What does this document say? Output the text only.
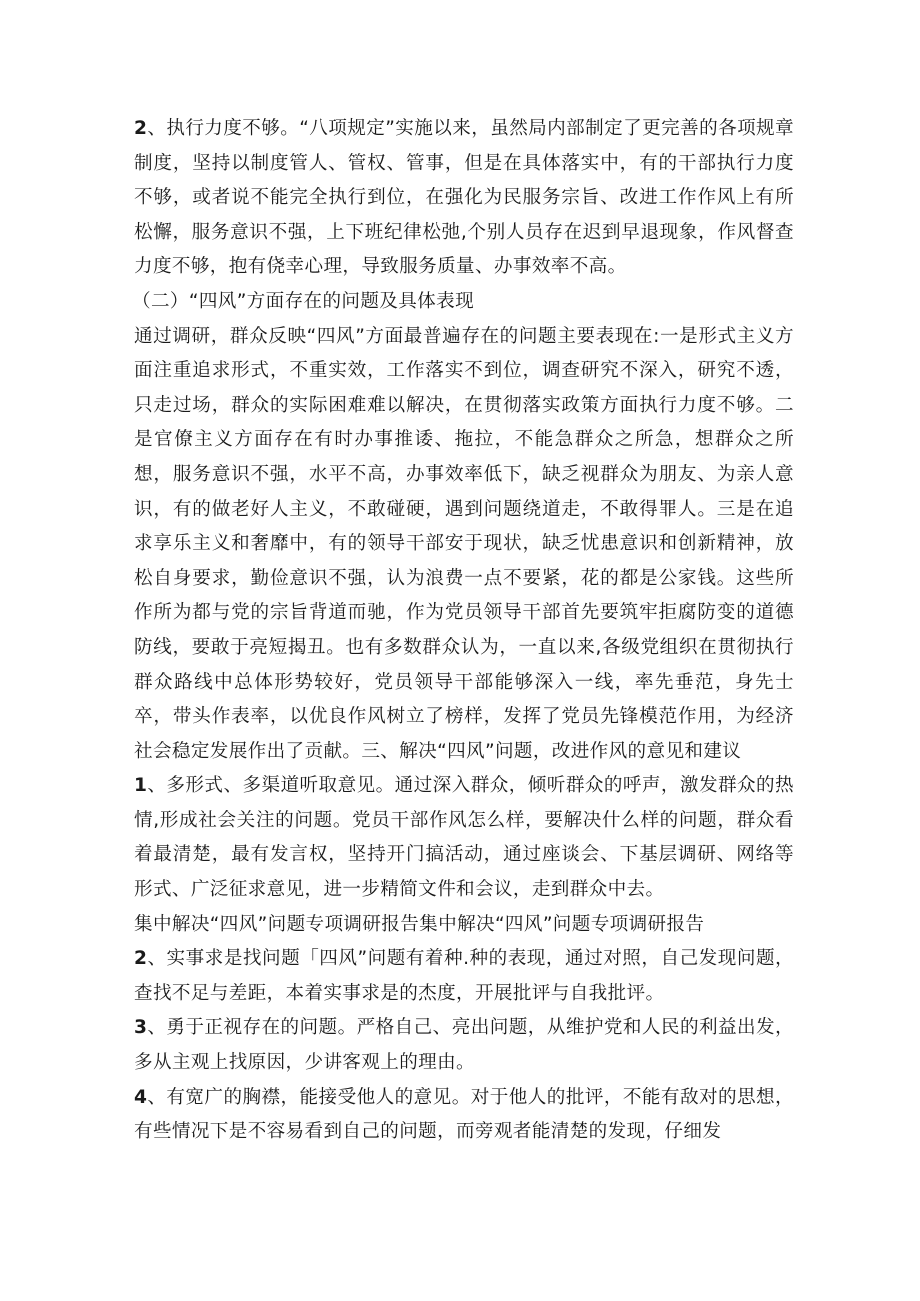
2、执行力度不够。“八项规定”实施以来，虽然局内部制定了更完善的各项规章制度，坚持以制度管人、管权、管事，但是在具体落实中，有的干部执行力度不够，或者说不能完全执行到位，在强化为民服务宗旨、改进工作作风上有所松懈，服务意识不强，上下班纪律松弛,个别人员存在迟到早退现象，作风督查力度不够，抱有侥幸心理，导致服务质量、办事效率不高。

（二）“四风”方面存在的问题及具体表现

通过调研，群众反映“四风”方面最普遍存在的问题主要表现在:一是形式主义方面注重追求形式，不重实效，工作落实不到位，调查研究不深入，研究不透，只走过场，群众的实际困难难以解决，在贯彻落实政策方面执行力度不够。二是官僚主义方面存在有时办事推诿、拖拉，不能急群众之所急，想群众之所想，服务意识不强，水平不高，办事效率低下，缺乏视群众为朋友、为亲人意识，有的做老好人主义，不敢碰硬，遇到问题绕道走，不敢得罪人。三是在追求享乐主义和奢靡中，有的领导干部安于现状，缺乏忧患意识和创新精神，放松自身要求，勤俭意识不强，认为浪费一点不要紧，花的都是公家钱。这些所作所为都与党的宗旨背道而驰，作为党员领导干部首先要筑牢拒腐防变的道德防线，要敢于亮短揭丑。也有多数群众认为，一直以来,各级党组织在贯彻执行群众路线中总体形势较好，党员领导干部能够深入一线，率先垂范，身先士卒，带头作表率，以优良作风树立了榜样，发挥了党员先锋模范作用，为经济社会稳定发展作出了贡献。三、解决“四风”问题，改进作风的意见和建议

1、多形式、多渠道听取意见。通过深入群众，倾听群众的呼声，激发群众的热情,形成社会关注的问题。党员干部作风怎么样，要解决什么样的问题，群众看着最清楚，最有发言权，坚持开门搞活动，通过座谈会、下基层调研、网络等形式、广泛征求意见，进一步精简文件和会议，走到群众中去。

集中解决“四风”问题专项调研报告集中解决“四风”问题专项调研报告

2、实事求是找问题「四风”问题有着种.种的表现，通过对照，自己发现问题，查找不足与差距，本着实事求是的杰度，开展批评与自我批评。

3、勇于正视存在的问题。严格自己、亮出问题，从维护党和人民的利益出发，多从主观上找原因，少讲客观上的理由。

4、有宽广的胸襟，能接受他人的意见。对于他人的批评，不能有敌对的思想，有些情况下是不容易看到自己的问题，而旁观者能清楚的发现，仔细发
